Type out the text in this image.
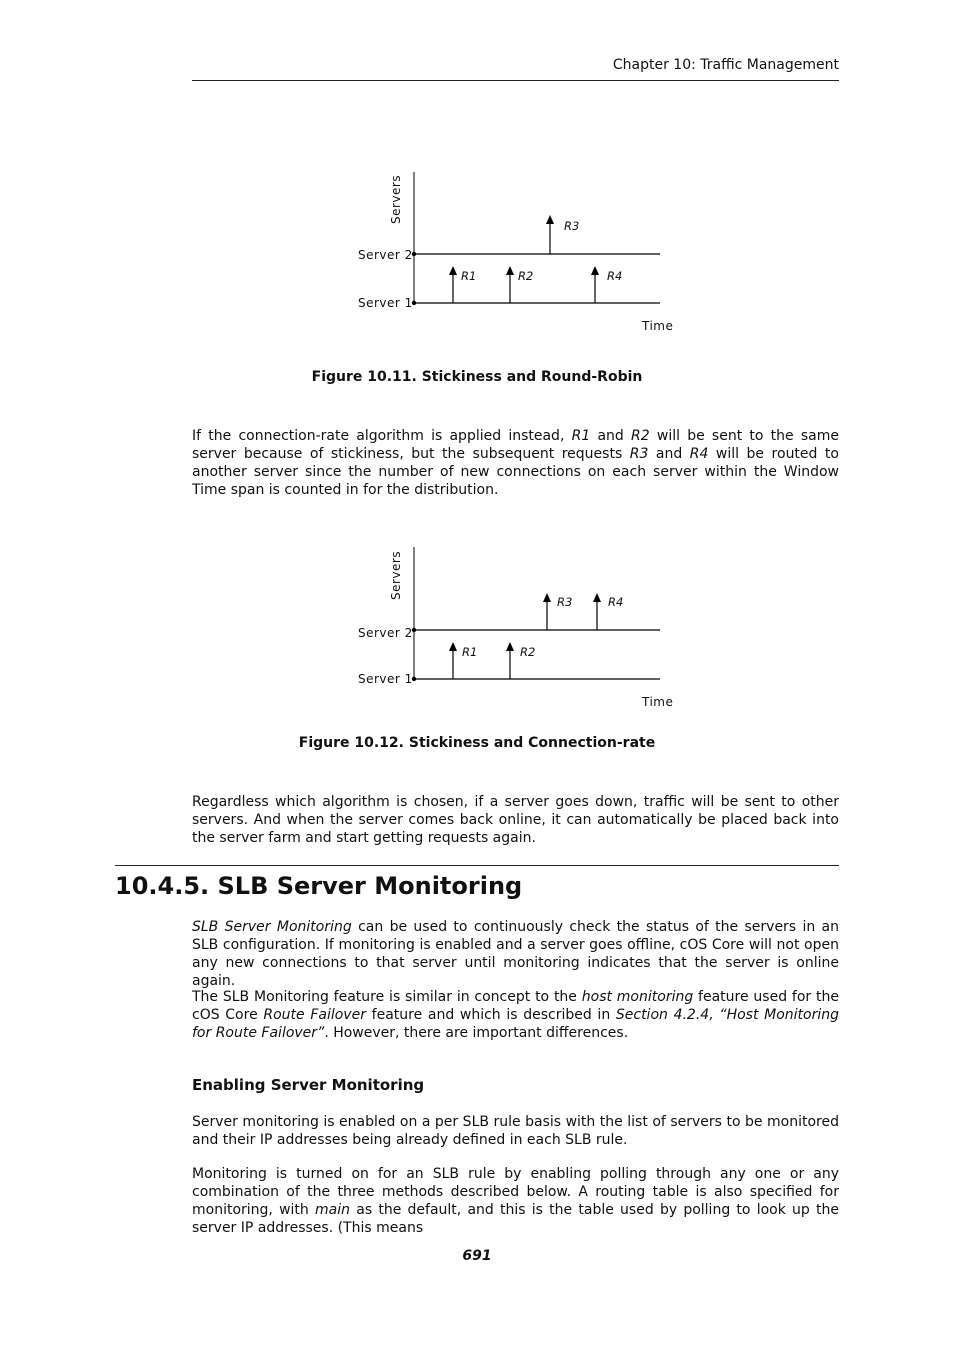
Chapter 10: Traffic Management
Servers
Server 2
Server 1
Time
R1	R2
R3
R4
Figure 10.11. Stickiness and Round-Robin

If the connection-rate algorithm is applied instead, R1 and R2 will be sent to the same server because of stickiness, but the subsequent requests R3 and R4 will be routed to another server since the number of new connections on each server within the Window Time span is counted in for the distribution.

Servers
Server 2
Server 1
Time
R1	R2
R3	R4
Figure 10.12. Stickiness and Connection-rate

Regardless which algorithm is chosen, if a server goes down, traffic will be sent to other servers. And when the server comes back online, it can automatically be placed back into the server farm and start getting requests again.

10.4.5. SLB Server Monitoring

SLB Server Monitoring can be used to continuously check the status of the servers in an SLB configuration. If monitoring is enabled and a server goes offline, cOS Core will not open any new connections to that server until monitoring indicates that the server is online again.

The SLB Monitoring feature is similar in concept to the host monitoring feature used for the cOS Core Route Failover feature and which is described in Section 4.2.4, “Host Monitoring for Route Failover”. However, there are important differences.

Enabling Server Monitoring

Server monitoring is enabled on a per SLB rule basis with the list of servers to be monitored and their IP addresses being already defined in each SLB rule.

Monitoring is turned on for an SLB rule by enabling polling through any one or any combination of the three methods described below. A routing table is also specified for monitoring, with main as the default, and this is the table used by polling to look up the server IP addresses. (This means

691
